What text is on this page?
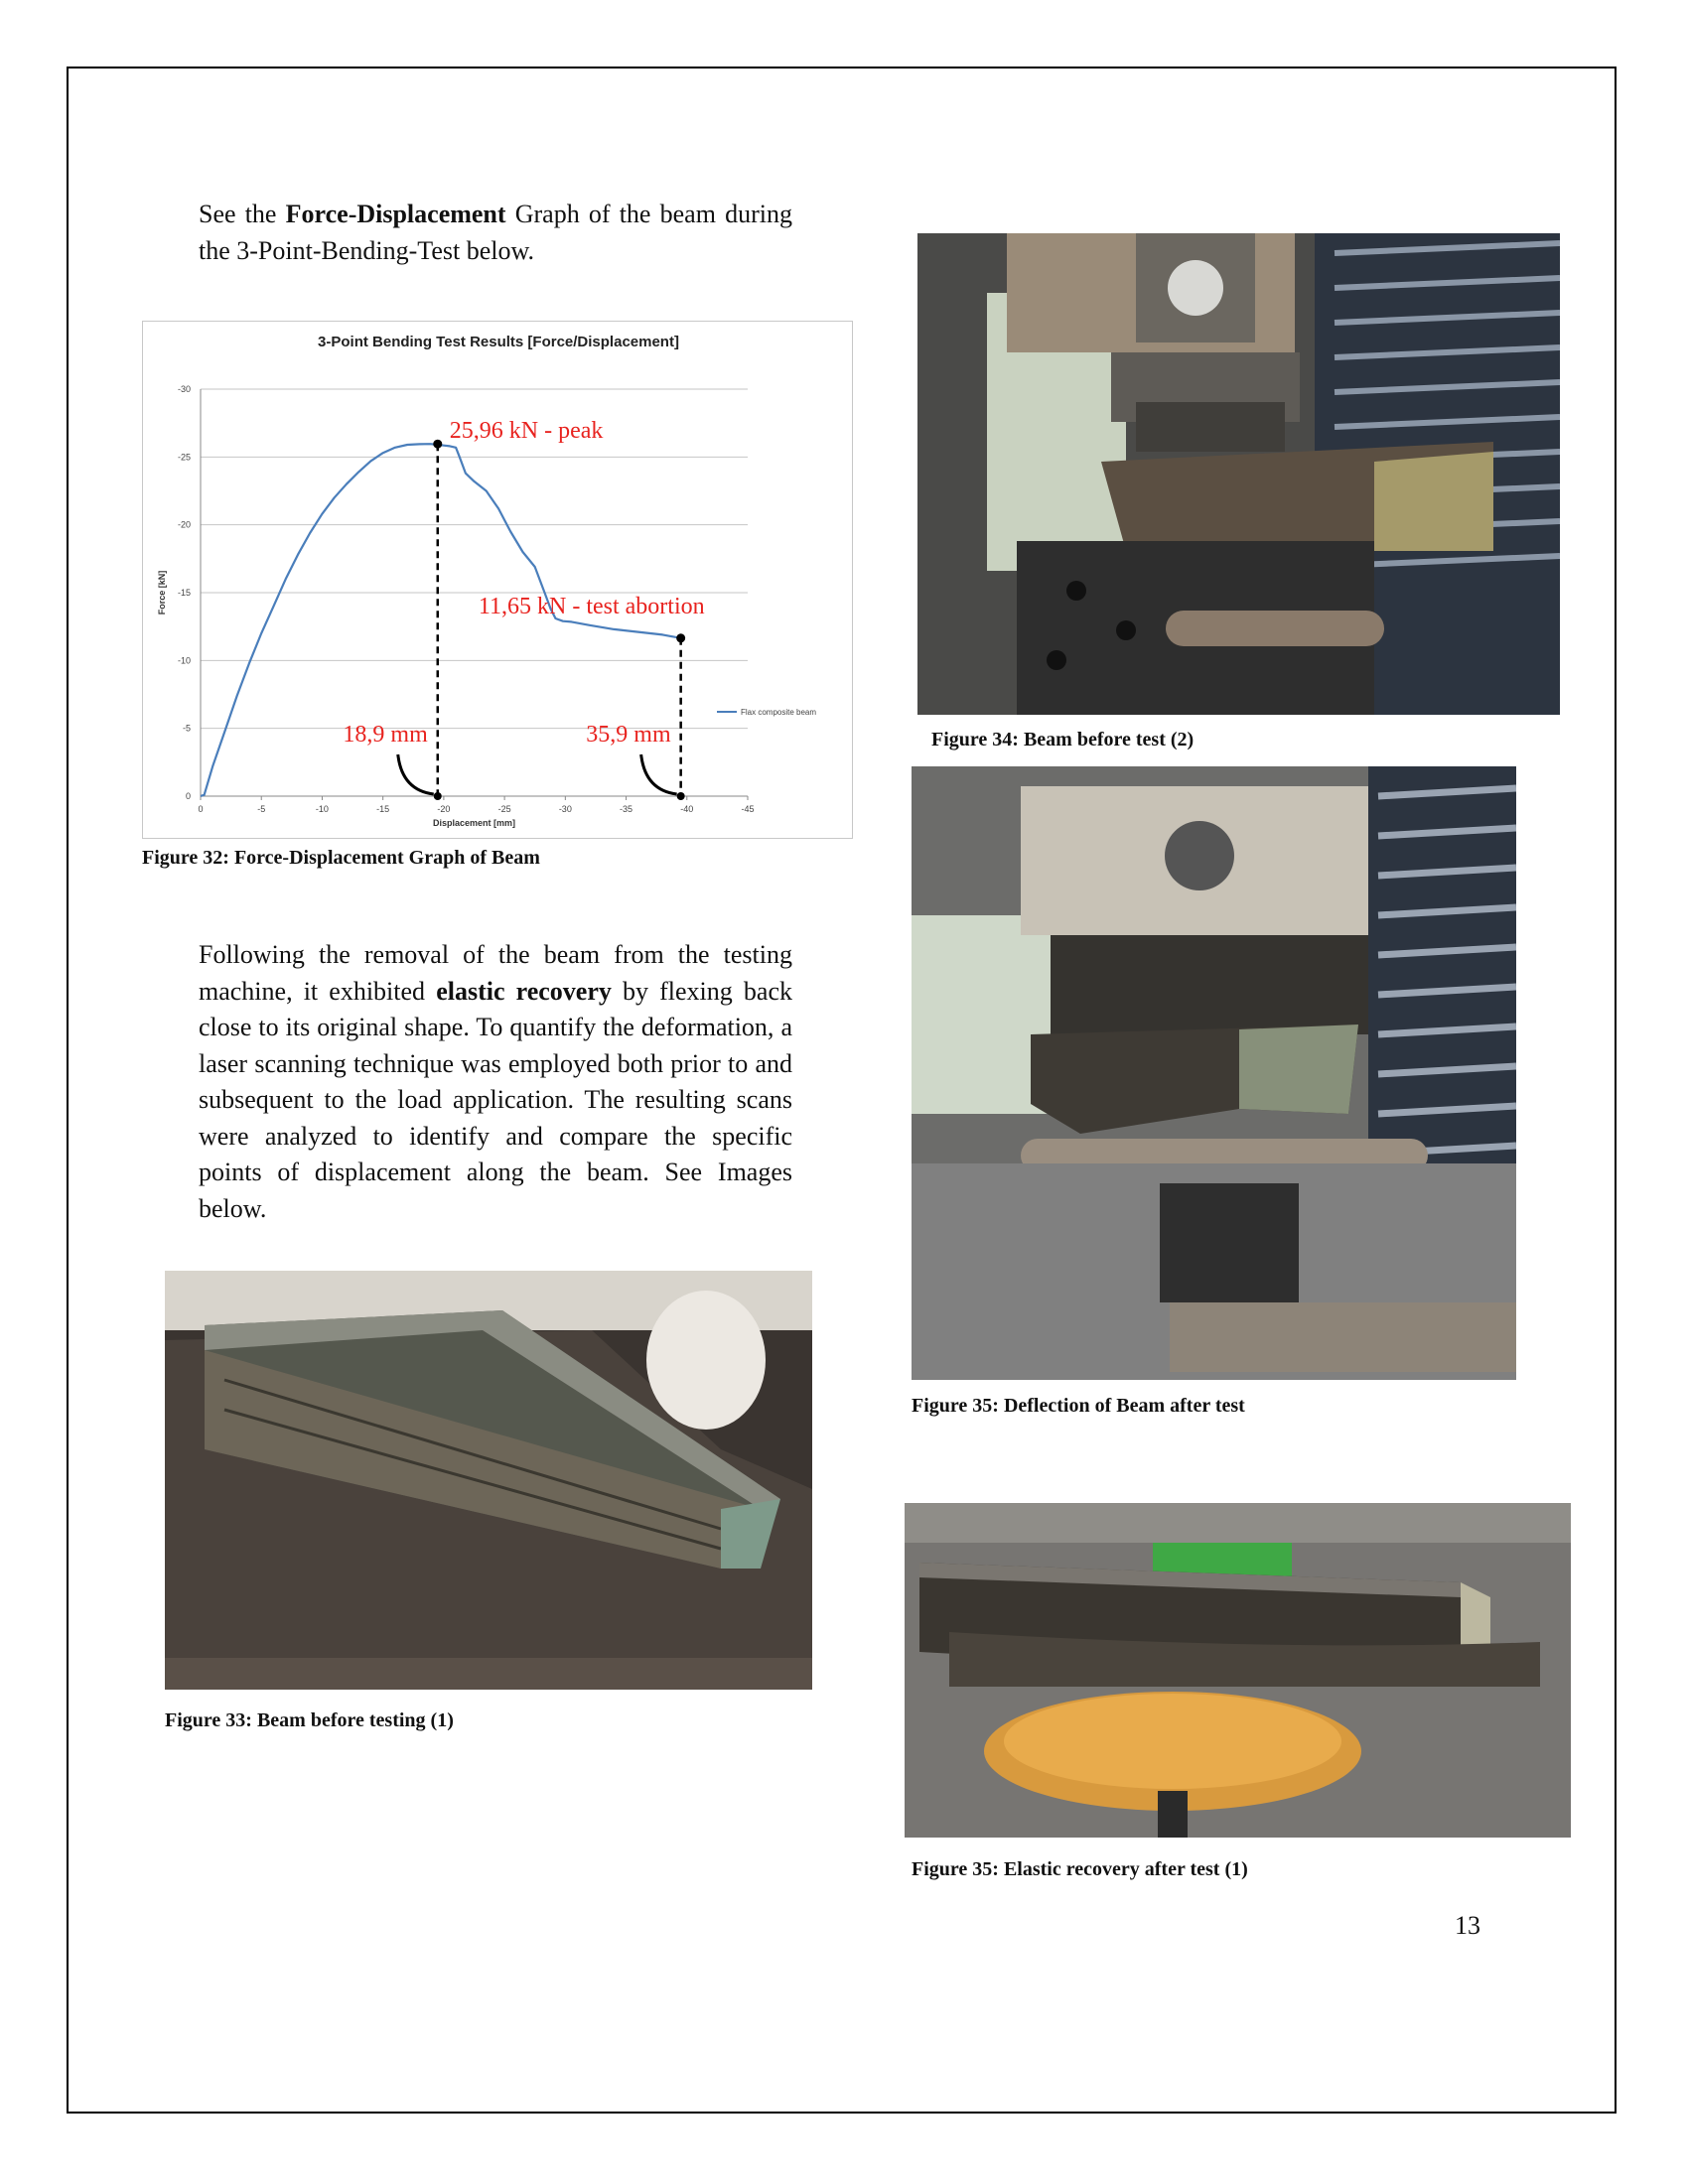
See the Force-Displacement Graph of the beam during the 3-Point-Bending-Test below.

3-Point Bending Test Results [Force/Displacement]
0
-5
-10
-15
-20
-25
-30
0	-5	-10	-15	-20	-25	-30	-35	-40	-45
Displacement [mm]
Force [kN]
Flax composite beam
25,96 kN - peak
11,65 kN - test abortion
18,9 mm	35,9 mm
Figure 32: Force-Displacement Graph of Beam

Following the removal of the beam from the testing machine, it exhibited elastic recovery by flexing back close to its original shape. To quantify the deformation, a laser scanning technique was employed both prior to and subsequent to the load application. The resulting scans were analyzed to identify and compare the specific points of displacement along the beam. See Images below.

Figure 33: Beam before testing (1)
Figure 34: Beam before test (2)
Figure 35: Deflection of Beam after test
Figure 35: Elastic recovery after test (1)
13
